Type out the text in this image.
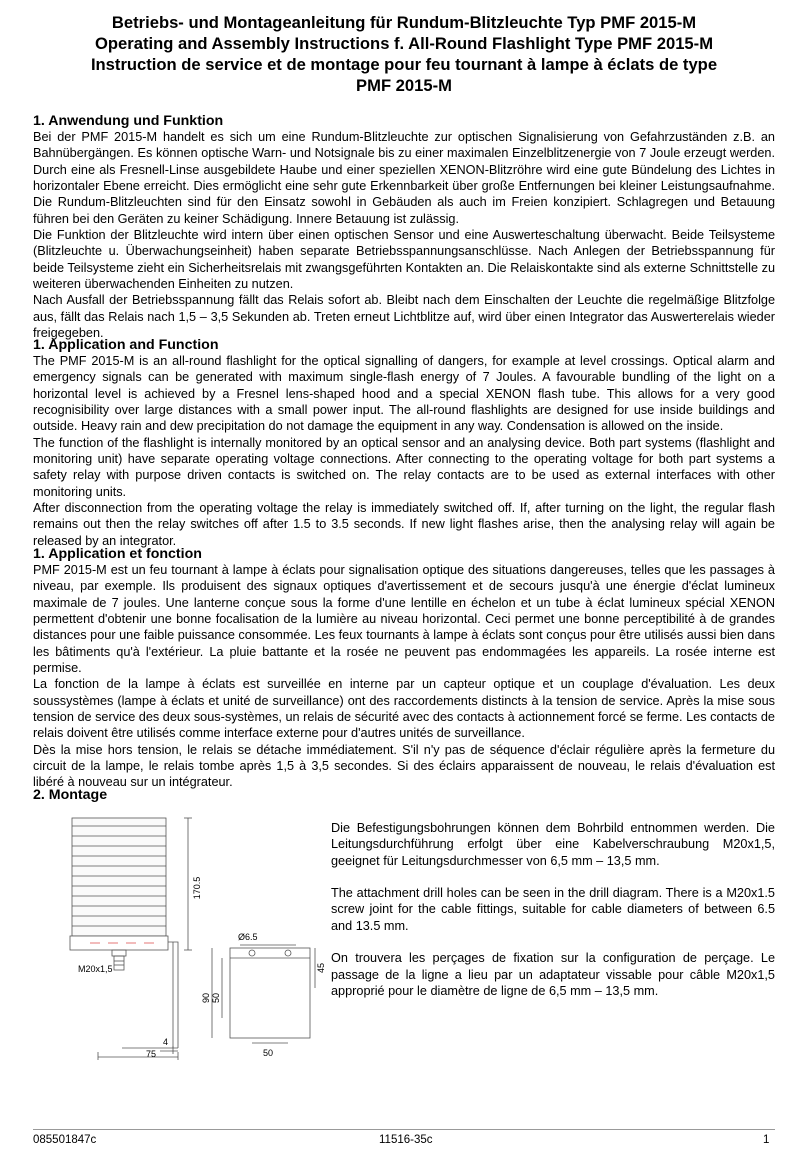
Betriebs- und Montageanleitung für Rundum-Blitzleuchte Typ PMF 2015-M
Operating and Assembly Instructions f. All-Round Flashlight Type PMF 2015-M
Instruction de service et de montage pour feu tournant à lampe à éclats de type
PMF 2015-M
1. Anwendung und Funktion

Bei der PMF 2015-M handelt es sich um eine Rundum-Blitzleuchte zur optischen Signalisierung von Gefahrzuständen z.B. an Bahnübergängen. Es können optische Warn- und Notsignale bis zu einer maximalen Einzelblitzenergie von 7 Joule erzeugt werden. Durch eine als Fresnell-Linse ausgebildete Haube und einer speziellen XENON-Blitzröhre wird eine gute Bündelung des Lichtes in horizontaler Ebene erreicht. Dies ermöglicht eine sehr gute Erkennbarkeit über große Entfernungen bei kleiner Leistungsaufnahme. Die Rundum-Blitzleuchten sind für den Einsatz sowohl in Gebäuden als auch im Freien konzipiert. Schlagregen und Betauung führen bei den Geräten zu keiner Schädigung. Innere Betauung ist zulässig.

Die Funktion der Blitzleuchte wird intern über einen optischen Sensor und eine Auswerteschaltung überwacht. Beide Teilsysteme (Blitzleuchte u. Überwachungseinheit) haben separate Betriebsspannungsanschlüsse. Nach Anlegen der Betriebsspannung für beide Teilsysteme zieht ein Sicherheitsrelais mit zwangsgeführten Kontakten an. Die Relaiskontakte sind als externe Schnittstelle zu weiteren überwachenden Einheiten zu nutzen.

Nach Ausfall der Betriebsspannung fällt das Relais sofort ab. Bleibt nach dem Einschalten der Leuchte die regelmäßige Blitzfolge aus, fällt das Relais nach 1,5 – 3,5 Sekunden ab. Treten erneut Lichtblitze auf, wird über einen Integrator das Auswerterelais wieder freigegeben.

1. Application and Function

The PMF 2015-M is an all-round flashlight for the optical signalling of dangers, for example at level crossings. Optical alarm and emergency signals can be generated with maximum single-flash energy of 7 Joules. A favourable bundling of the light on a horizontal level is achieved by a Fresnel lens-shaped hood and a special XENON flash tube. This allows for a very good recognisibility over large distances with a small power input. The all-round flashlights are designed for use inside buildings and outside. Heavy rain and dew precipitation do not damage the equipment in any way. Condensation is allowed on the inside.

The function of the flashlight is internally monitored by an optical sensor and an analysing device. Both part systems (flashlight and monitoring unit) have separate operating voltage connections. After connecting to the operating voltage for both part systems a safety relay with purpose driven contacts is switched on. The relay contacts are to be used as external interfaces with other monitoring units.

After disconnection from the operating voltage the relay is immediately switched off. If, after turning on the light, the regular flash remains out then the relay switches off after 1.5 to 3.5 seconds. If new light flashes arise, then the analysing relay will again be released by an integrator.

1. Application et fonction

PMF 2015-M est un feu tournant à lampe à éclats pour signalisation optique des situations dangereuses, telles que les passages à niveau, par exemple. Ils produisent des signaux optiques d'avertissement et de secours jusqu'à une énergie d'éclat lumineux maximale de 7 joules. Une lanterne conçue sous la forme d'une lentille en échelon et un tube à éclat lumineux spécial XENON permettent d'obtenir une bonne focalisation de la lumière au niveau horizontal. Ceci permet une bonne perceptibilité à de grandes distances pour une faible puissance consommée. Les feux tournants à lampe à éclats sont conçus pour être utilisés aussi bien dans les bâtiments qu'à l'extérieur. La pluie battante et la rosée ne peuvent pas endommagées les appareils. La rosée interne est permise.

La fonction de la lampe à éclats est surveillée en interne par un capteur optique et un couplage d'évaluation. Les deux soussystèmes (lampe à éclats et unité de surveillance) ont des raccordements distincts à la tension de service. Après la mise sous tension de service des deux sous-systèmes, un relais de sécurité avec des contacts à actionnement forcé se ferme. Les contacts de relais doivent être utilisés comme interface externe pour d'autres unités de surveillance.

Dès la mise hors tension, le relais se détache immédiatement. S'il n'y pas de séquence d'éclair régulière après la fermeture du circuit de la lampe, le relais tombe après 1,5 à 3,5 secondes. Si des éclairs apparaissent de nouveau, le relais d'évaluation est libéré à nouveau sur un intégrateur.

2. Montage

Die Befestigungsbohrungen können dem Bohrbild entnommen werden. Die Leitungsdurchführung erfolgt über eine Kabelverschraubung M20x1,5, geeignet für Leitungsdurchmesser von 6,5 mm – 13,5 mm.

The attachment drill holes can be seen in the drill diagram. There is a M20x1.5 screw joint for the cable fittings, suitable for cable diameters of between 6.5 and 13.5 mm.

On trouvera les perçages de fixation sur la configuration de perçage. Le passage de la ligne a lieu par un adaptateur vissable pour câble M20x1,5 approprié pour le diamètre de ligne de 6,5 mm – 13,5 mm.

170.5
M20x1,5
4
75
Ø6.5
90 50
45
50
085501847c	11516-35c	1
